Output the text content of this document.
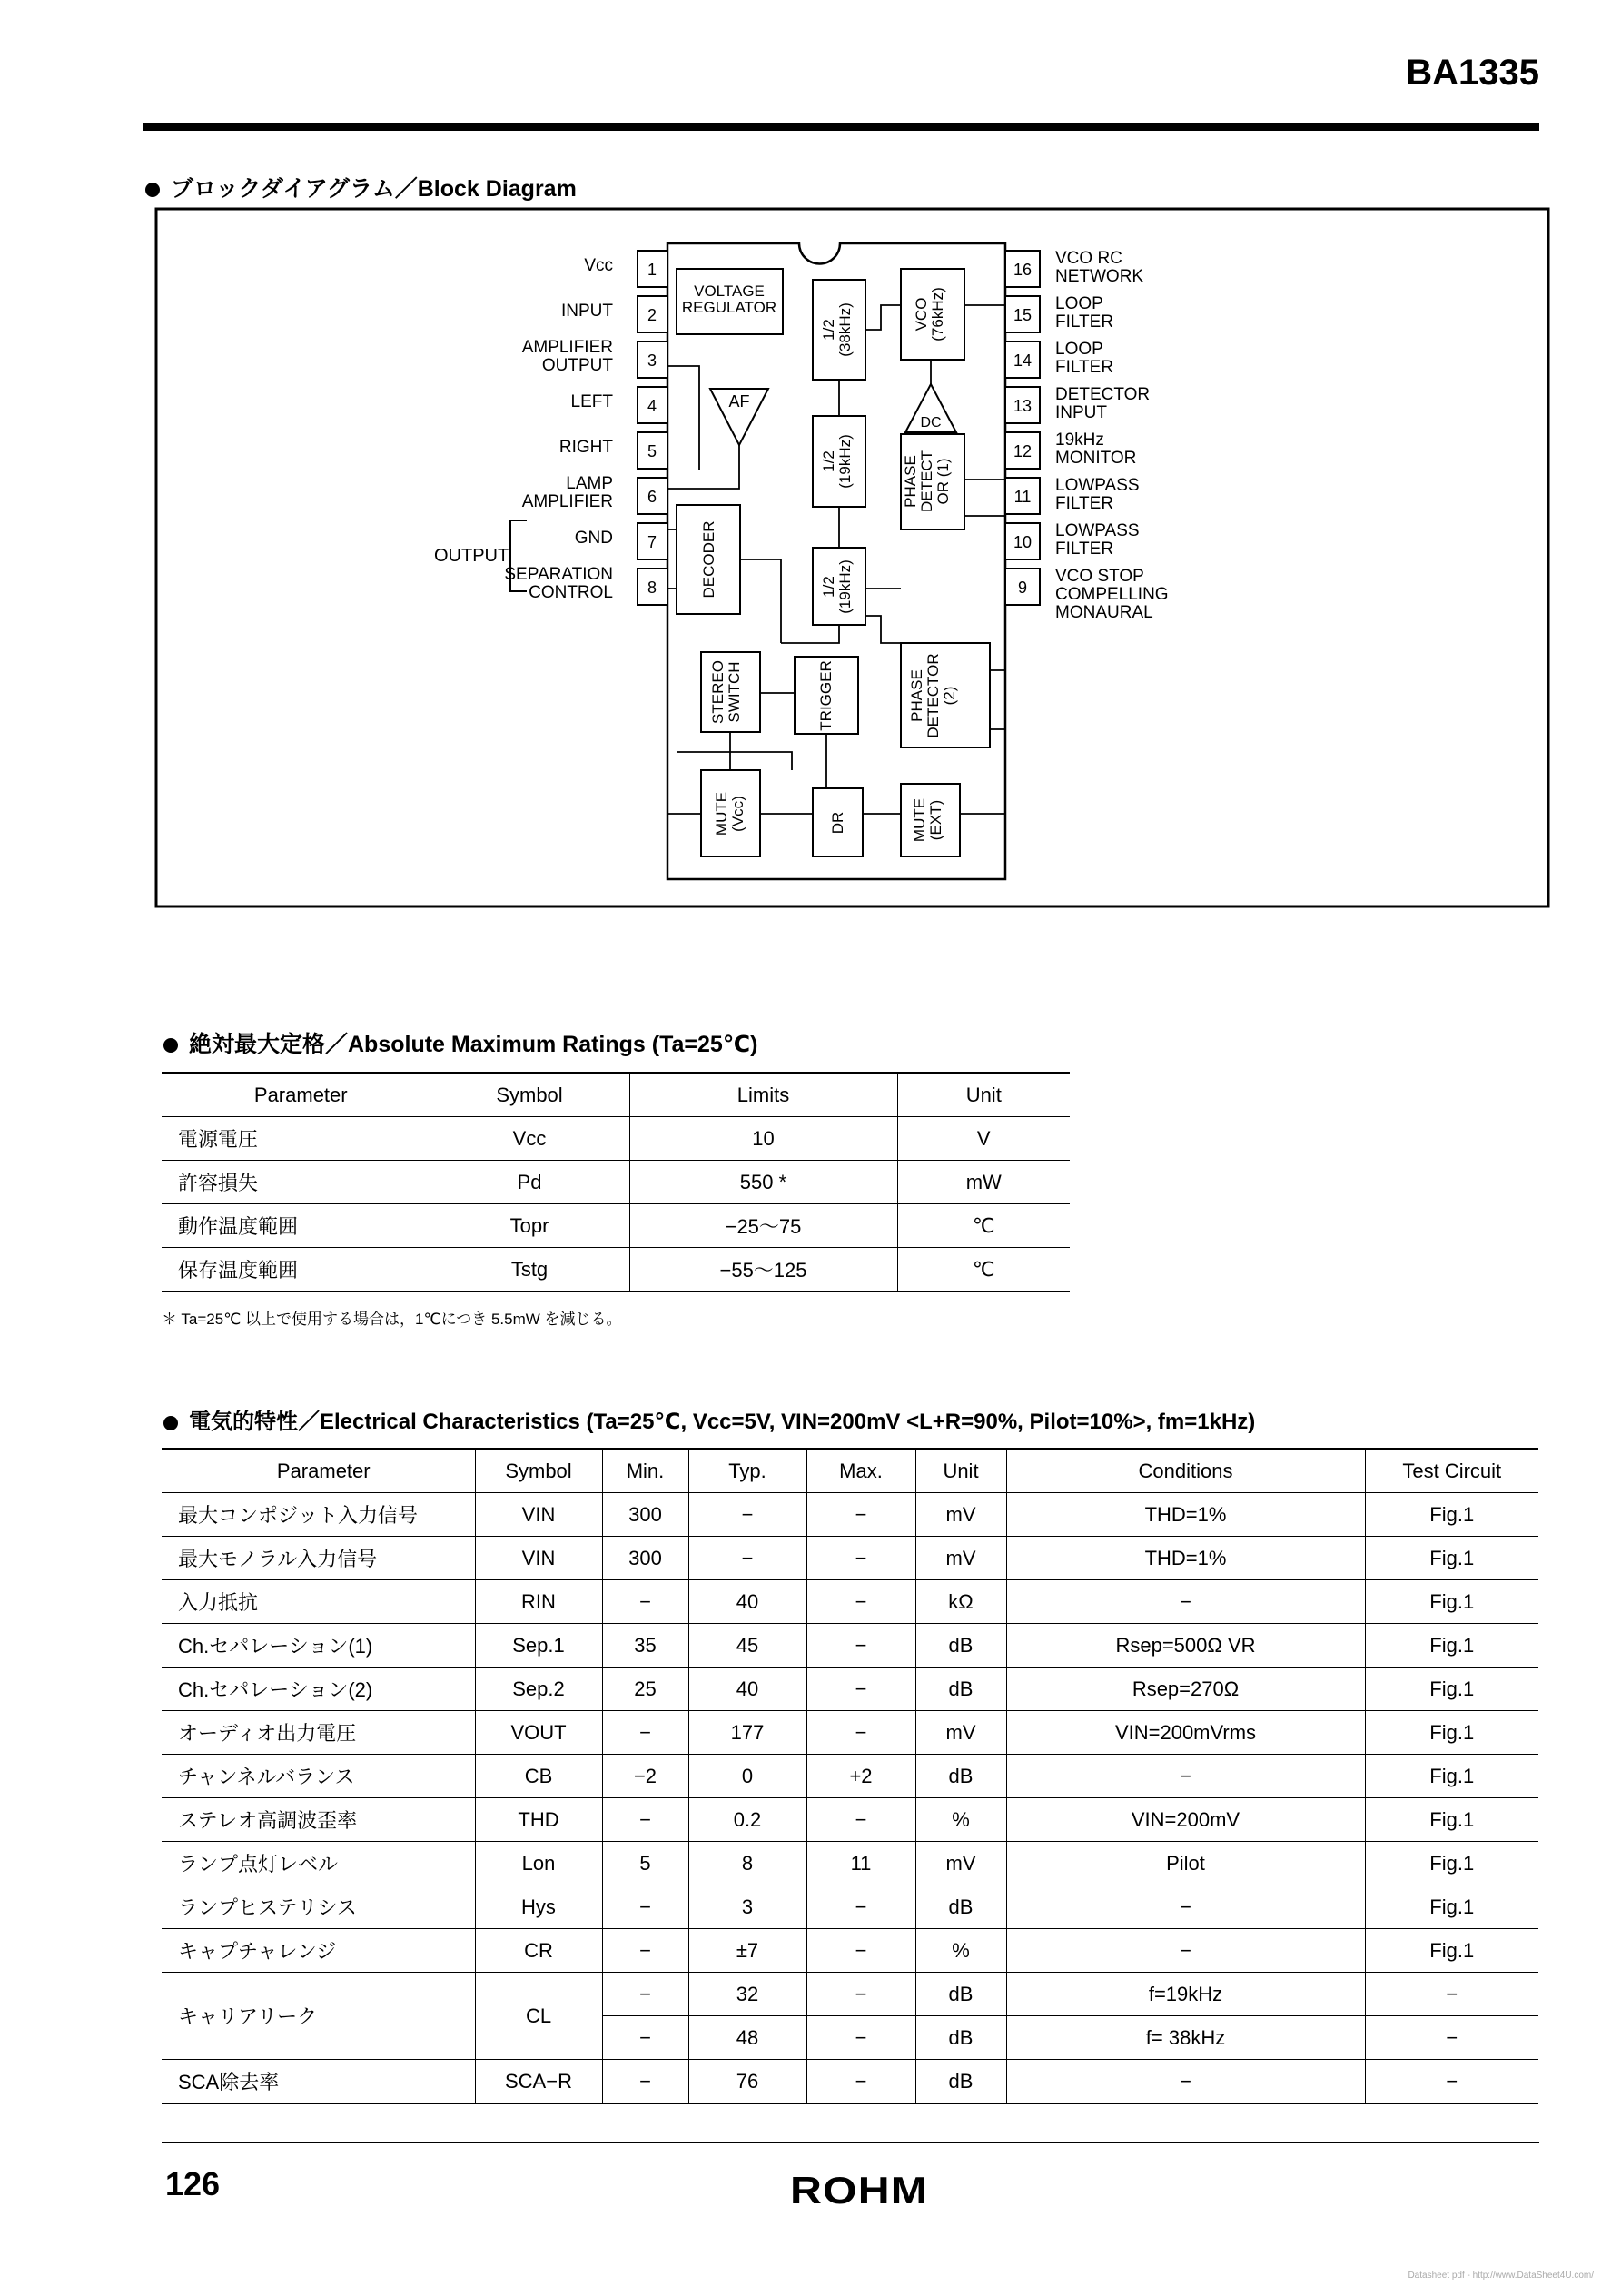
BA1335
ブロックダイアグラム／Block Diagram
1
Vcc
2
INPUT
3
AMPLIFIER OUTPUT
4
LEFT
5
RIGHT
6
LAMP AMPLIFIER
7
GND
8
SEPARATION CONTROL
16
VCO RC NETWORK
15
LOOP FILTER
14
LOOP FILTER
13
DETECTOR INPUT
12
19kHz MONITOR
11
LOWPASS FILTER
10
LOWPASS FILTER
9
VCO STOP COMPELLING MONAURAL
OUTPUT
VOLTAGE REGULATOR
AF
DECODER
1/2(38kHz)	VCO(76kHz)
1/2(19kHz)
DC
PHASEDETECTOR (1)
1/2(19kHz)
STEREOSWITCH	TRIGGER	PHASEDETECTOR(2)
MUTE(Vcc)	DR	MUTE(EXT)
絶対最大定格／Absolute Maximum Ratings (Ta=25℃)
Parameter	Symbol	Limits	Unit
電源電圧	Vcc	10	V
許容損失	Pd	550 *	mW
動作温度範囲	Topr	−25～75	℃
保存温度範囲	Tstg	−55～125	℃
＊ Ta=25℃ 以上で使用する場合は，1℃につき 5.5mW を減じる。
電気的特性／Electrical Characteristics (Ta=25℃, Vcc=5V, VIN=200mV <L+R=90%, Pilot=10%>, fm=1kHz)
Parameter	Symbol	Min.	Typ.	Max.	Unit	Conditions	Test Circuit
最大コンポジット入力信号	VIN	300	−	−	mV	THD=1%	Fig.1
最大モノラル入力信号	VIN	300	−	−	mV	THD=1%	Fig.1
入力抵抗	RIN	−	40	−	kΩ	−	Fig.1
Ch.セパレーション(1)	Sep.1	35	45	−	dB	Rsep=500Ω VR	Fig.1
Ch.セパレーション(2)	Sep.2	25	40	−	dB	Rsep=270Ω	Fig.1
オーディオ出力電圧	VOUT	−	177	−	mV	VIN=200mVrms	Fig.1
チャンネルバランス	CB	−2	0	+2	dB	−	Fig.1
ステレオ高調波歪率	THD	−	0.2	−	%	VIN=200mV	Fig.1
ランプ点灯レベル	Lon	5	8	11	mV	Pilot	Fig.1
ランプヒステリシス	Hys	−	3	−	dB	−	Fig.1
キャプチャレンジ	CR	−	±7	−	%	−	Fig.1
キャリアリーク	CL	−	32	−	dB	f=19kHz	−
		−	48	−	dB	f= 38kHz	−
SCA除去率	SCA−R	−	76	−	dB	−	−
126	ROHM
Datasheet pdf - http://www.DataSheet4U.com/
